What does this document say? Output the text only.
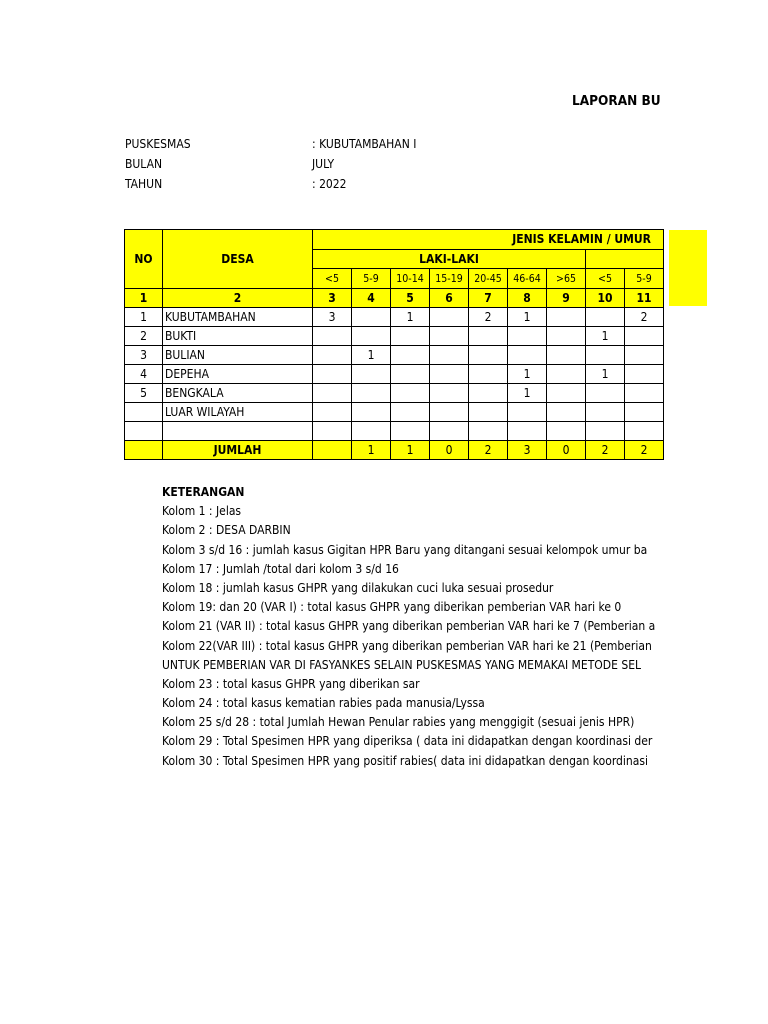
LAPORAN BU
PUSKESMAS	: KUBUTAMBAHAN I
BULAN	JULY
TAHUN	: 2022
NO	DESA	JENIS KELAMIN / UMUR								
		LAKI-LAKI								
		<5	5-9	10-14	15-19	20-45	46-64	>65	<5	5-9
1	2	3	4	5	6	7	8	9	10	11
1	KUBUTAMBAHAN	3		1		2	1			2
2	BUKTI								1	
3	BULIAN		1							
4	DEPEHA						1		1	
5	BENGKALA						1			
	LUAR WILAYAH									

	JUMLAH		1	1	0	2	3	0	2	2
KETERANGAN
Kolom 1 : Jelas
Kolom 2 : DESA DARBIN
Kolom 3 s/d 16 : jumlah kasus Gigitan HPR Baru yang ditangani sesuai kelompok umur ba
Kolom 17 : Jumlah /total dari kolom 3 s/d 16
Kolom 18 : jumlah kasus GHPR yang dilakukan cuci luka sesuai prosedur
Kolom 19: dan 20 (VAR I) : total kasus GHPR yang diberikan pemberian VAR hari ke 0
Kolom 21 (VAR II) : total kasus GHPR yang diberikan pemberian VAR hari ke 7 (Pemberian a
Kolom 22(VAR III) : total kasus GHPR yang diberikan pemberian VAR hari ke 21 (Pemberian
UNTUK PEMBERIAN VAR DI FASYANKES SELAIN PUSKESMAS YANG MEMAKAI METODE SEL
Kolom 23 : total kasus GHPR yang diberikan sar
Kolom 24 : total kasus kematian rabies pada manusia/Lyssa
Kolom 25 s/d 28 : total Jumlah Hewan Penular rabies yang menggigit (sesuai jenis HPR)
Kolom 29 : Total Spesimen HPR yang diperiksa ( data ini didapatkan dengan koordinasi der
Kolom 30 : Total Spesimen HPR yang positif rabies( data ini didapatkan dengan koordinasi
